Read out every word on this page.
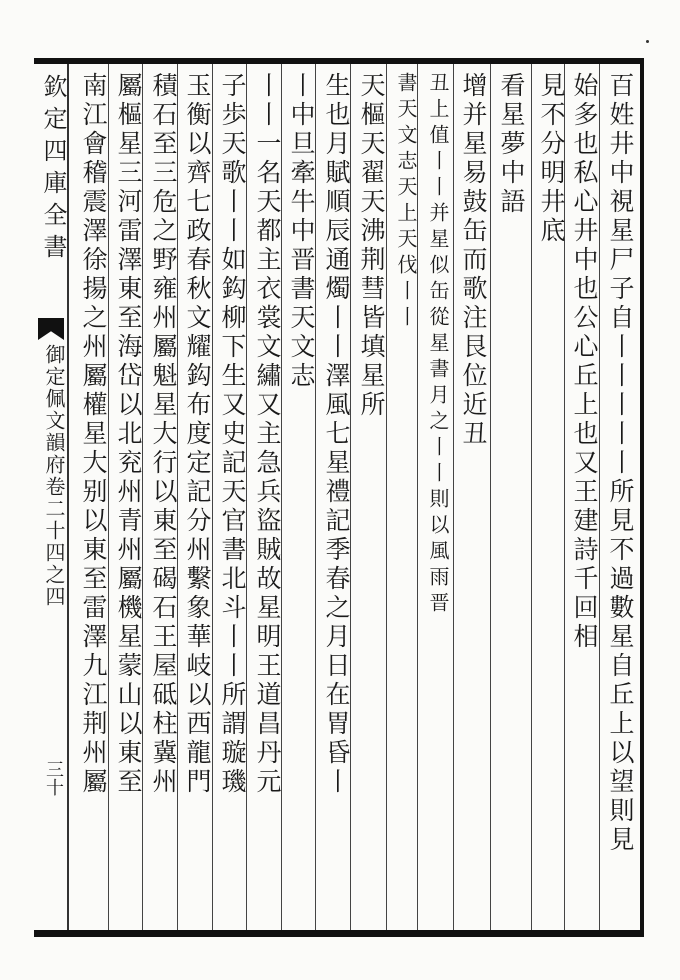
欽定四庫全書
御定佩文韻府卷二十四之四
三十	百姓井中視星尸子自丨丨丨丨丨所見不過數星自丘上以望則見
始多也私心井中也公心丘上也又王建詩千回相
見不分明井底
看星夢中語
增并星易鼓缶而歌注艮位近丑
丑上值丨丨并星似缶從星書月之丨丨則以風雨晋
書天文志天上天伐丨丨
天樞天翟天沸荆彗皆填星所
生也月賦順辰通燭丨丨澤風七星禮記季春之月日在胃昏丨
丨中旦牽牛中晋書天文志
丨丨一名天都主衣裳文繡又主急兵盜賊故星明王道昌丹元
子歩天歌丨丨如鈎柳下生又史記天官書北斗丨丨所謂璇璣
玉衡以齊七政春秋文耀鈎布度定記分州繫象華岐以西龍門
積石至三危之野雍州屬魁星大行以東至碣石王屋砥柱冀州
屬樞星三河雷澤東至海岱以北兖州青州屬機星蒙山以東至
南江會稽震澤徐揚之州屬權星大别以東至雷澤九江荆州屬
